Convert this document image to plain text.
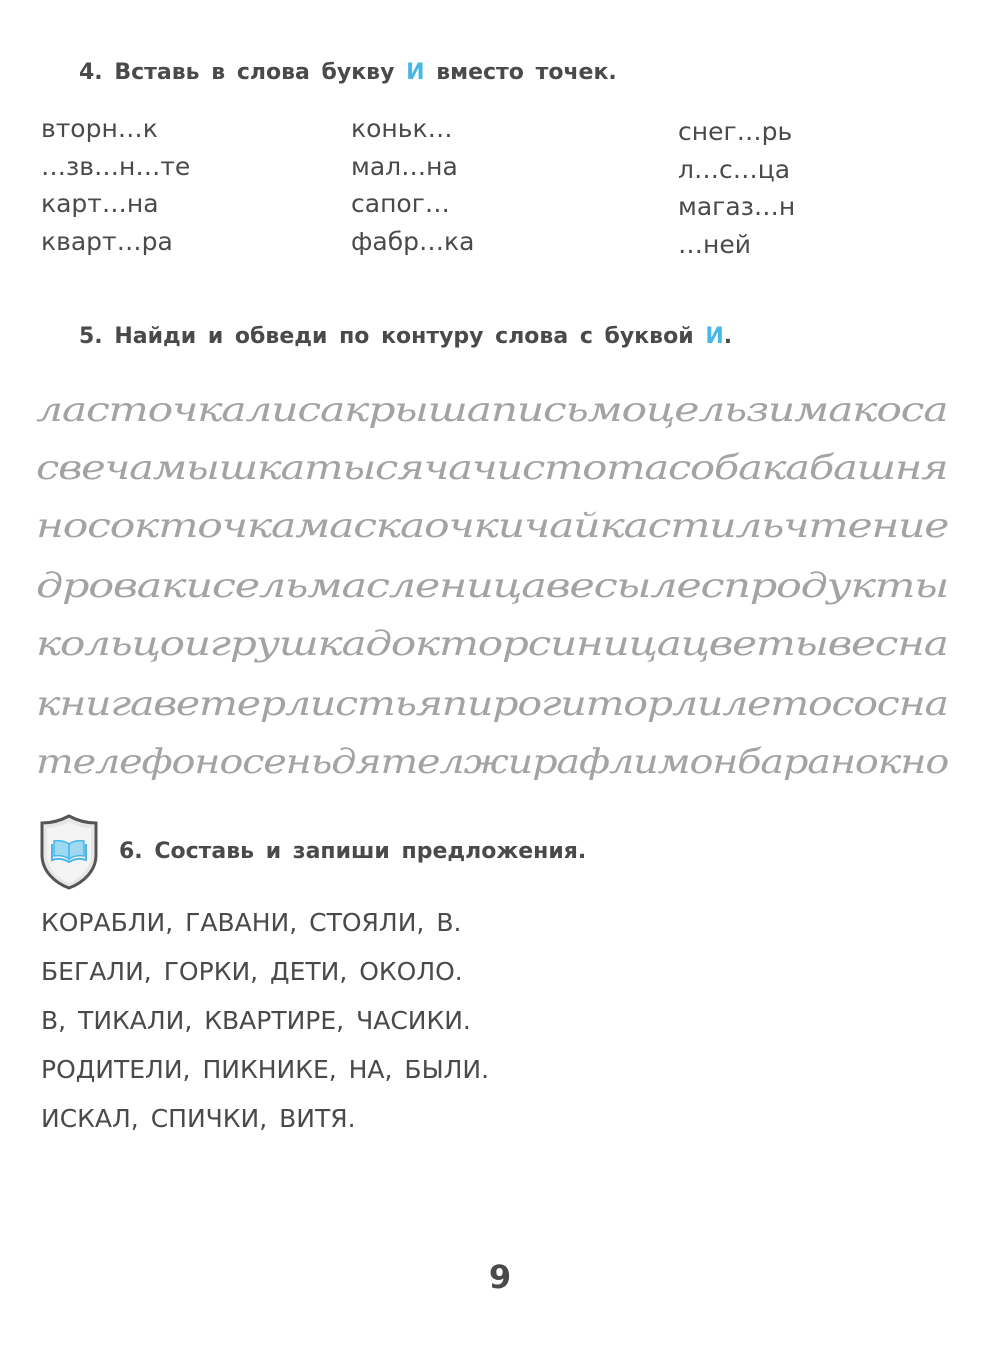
4. Вставь в слова букву И вместо точек.
вторн…к
…зв…н…те
карт…на
кварт…ра
коньк…
мал…на
сапог…
фабр…ка
снег…рь
л…с…ца
магаз…н
…ней
5. Найди и обведи по контуру слова с буквой И.
ласточкалисакрышаписьмоцельзимакоса
свечамышкатысячачистотасобакабашня
носокточкамаскаочкичайкастильчтение
дровакисельмасленицавесылеспродукты
кольцоигрушкадокторсиницацветывесна
книгаветерлистьяпирогиторлилетососна
телефоносеньдятелжирафлимонбаранокно
6. Составь и запиши предложения.
КОРАБЛИ, ГАВАНИ, СТОЯЛИ, В.
БЕГАЛИ, ГОРКИ, ДЕТИ, ОКОЛО.
В, ТИКАЛИ, КВАРТИРЕ, ЧАСИКИ.
РОДИТЕЛИ, ПИКНИКЕ, НА, БЫЛИ.
ИСКАЛ, СПИЧКИ, ВИТЯ.
9
